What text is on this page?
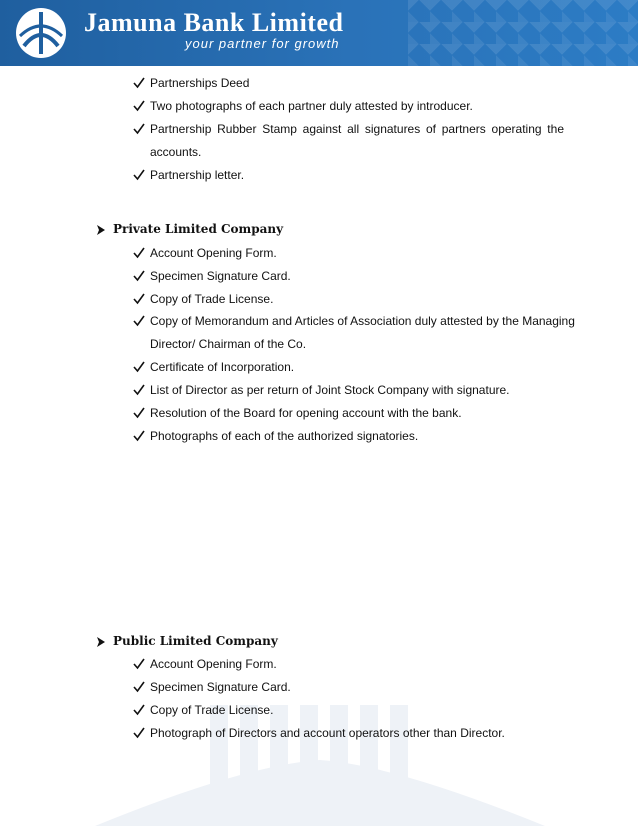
Jamuna Bank Limited
your partner for growth
Partnerships Deed
Two photographs of each partner duly attested by introducer.
Partnership Rubber Stamp against all signatures of partners operating the
accounts.
Partnership letter.
Private Limited Company
Account Opening Form.
Specimen Signature Card.
Copy of Trade License.
Copy of Memorandum and Articles of Association duly attested by the Managing
Director/ Chairman of the Co.
Certificate of Incorporation.
List of Director as per return of Joint Stock Company with signature.
Resolution of the Board for opening account with the bank.
Photographs of each of the authorized signatories.
Public Limited Company
Account Opening Form.
Specimen Signature Card.
Copy of Trade License.
Photograph of Directors and account operators other than Director.
